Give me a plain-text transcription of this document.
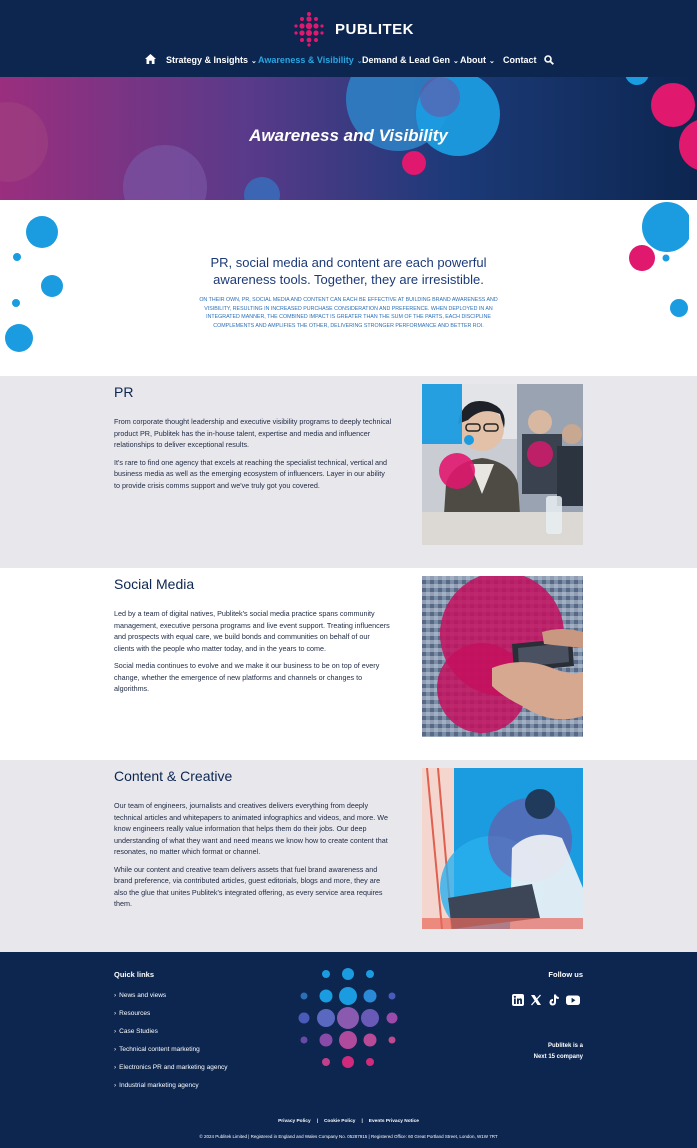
PUBLITEK
Strategy & Insights ⌄ Awareness & Visibility ⌄ Demand & Lead Gen ⌄ About ⌄ Contact
Awareness and Visibility
PR, social media and content are each powerful awareness tools. Together, they are irresistible.
ON THEIR OWN, PR, SOCIAL MEDIA AND CONTENT CAN EACH BE EFFECTIVE AT BUILDING BRAND AWARENESS AND VISIBILITY, RESULTING IN INCREASED PURCHASE CONSIDERATION AND PREFERENCE. WHEN DEPLOYED IN AN INTEGRATED MANNER, THE COMBINED IMPACT IS GREATER THAN THE SUM OF THE PARTS, EACH DISCIPLINE COMPLEMENTS AND AMPLIFIES THE OTHER, DELIVERING STRONGER PERFORMANCE AND BETTER ROI.
PR

From corporate thought leadership and executive visibility programs to deeply technical product PR, Publitek has the in-house talent, expertise and media and influencer relationships to deliver exceptional results.

It's rare to find one agency that excels at reaching the specialist technical, vertical and business media as well as the emerging ecosystem of influencers. Layer in our ability to provide crisis comms support and we've truly got you covered.

Social Media

Led by a team of digital natives, Publitek's social media practice spans community management, executive persona programs and live event support. Treating influencers and prospects with equal care, we build bonds and communities on behalf of our clients with the people who matter today, and in the years to come.

Social media continues to evolve and we make it our business to be on top of every change, whether the emergence of new platforms and channels or changes to algorithms.

Content & Creative

Our team of engineers, journalists and creatives delivers everything from deeply technical articles and whitepapers to animated infographics and videos, and more. We know engineers really value information that helps them do their jobs. Our deep understanding of what they want and need means we know how to create content that resonates, no matter which format or channel.

While our content and creative team delivers assets that fuel brand awareness and brand preference, via contributed articles, guest editorials, blogs and more, they are also the glue that unites Publitek's integrated offering, as every service area requires them.

Quick links
› News and views
› Resources
› Case Studies
› Technical content marketing
› Electronics PR and marketing agency
› Industrial marketing agency
Follow us
Publitek is a
Next 15 company
Privacy Policy | Cookie Policy | Events Privacy Notice
© 2024 Publitek Limited | Registered in England and Wales Company No. 05287915 | Registered Office: 60 Great Portland Street, London, W1W 7RT
